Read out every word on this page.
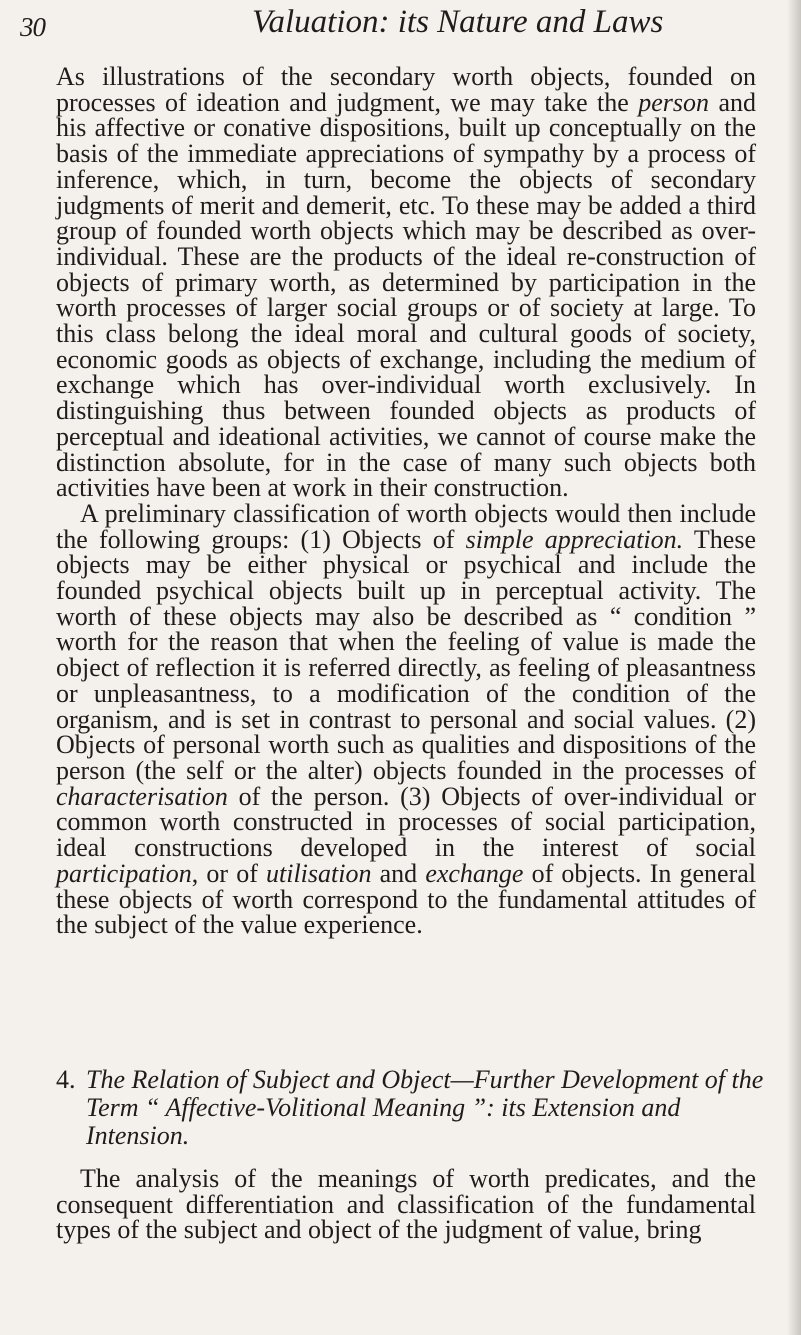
30	Valuation: its Nature and Laws

As illustrations of the secondary worth objects, founded on processes of ideation and judgment, we may take the person and his affective or conative dispositions, built up conceptually on the basis of the immediate appreciations of sympathy by a process of inference, which, in turn, become the objects of secondary judgments of merit and demerit, etc. To these may be added a third group of founded worth objects which may be described as over-individual. These are the products of the ideal re-construction of objects of primary worth, as determined by participation in the worth processes of larger social groups or of society at large. To this class belong the ideal moral and cultural goods of society, economic goods as objects of exchange, including the medium of exchange which has over-individual worth exclusively. In distinguishing thus between founded objects as products of perceptual and ideational activities, we cannot of course make the distinction absolute, for in the case of many such objects both activities have been at work in their construction.

A preliminary classification of worth objects would then include the following groups: (1) Objects of simple appreciation. These objects may be either physical or psychical and include the founded psychical objects built up in perceptual activity. The worth of these objects may also be described as “ condition ” worth for the reason that when the feeling of value is made the object of reflection it is referred directly, as feeling of pleasantness or unpleasantness, to a modification of the condition of the organism, and is set in contrast to personal and social values. (2) Objects of personal worth such as qualities and dispositions of the person (the self or the alter) objects founded in the processes of characterisation of the person. (3) Objects of over-individual or common worth constructed in processes of social participation, ideal constructions developed in the interest of social participation, or of utilisation and exchange of objects. In general these objects of worth correspond to the fundamental attitudes of the subject of the value experience.

4. The Relation of Subject and Object—Further Development of the Term “ Affective-Volitional Meaning ”: its Extension and Intension.

The analysis of the meanings of worth predicates, and the consequent differentiation and classification of the fundamental types of the subject and object of the judgment of value, bring
